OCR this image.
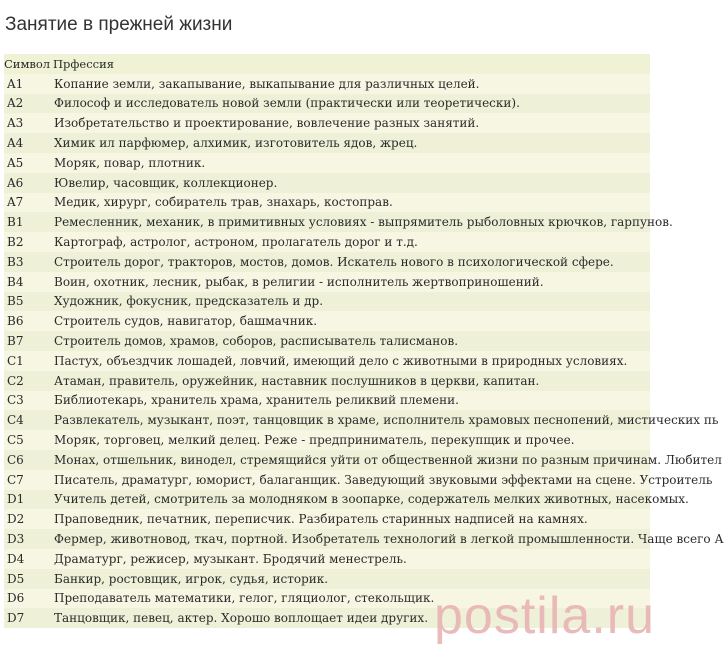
Занятие в прежней жизни
Символ Прфессия
A1	Копание земли, закапывание, выкапывание для различных целей.
A2	Философ и исследователь новой земли (практически или теоретически).
A3	Изобретательство и проектирование, вовлечение разных занятий.
A4	Химик ил парфюмер, алхимик, изготовитель ядов, жрец.
A5	Моряк, повар, плотник.
A6	Ювелир, часовщик, коллекционер.
A7	Медик, хирург, собиратель трав, знахарь, костоправ.
B1	Ремесленник, механик, в примитивных условиях - выпрямитель рыболовных крючков, гарпунов.
B2	Картограф, астролог, астроном, пролагатель дорог и т.д.
B3	Строитель дорог, тракторов, мостов, домов. Искатель нового в психологической сфере.
B4	Воин, охотник, лесник, рыбак, в религии - исполнитель жертвоприношений.
B5	Художник, фокусник, предсказатель и др.
B6	Строитель судов, навигатор, башмачник.
B7	Строитель домов, храмов, соборов, расписыватель талисманов.
C1	Пастух, объездчик лошадей, ловчий, имеющий дело с животными в природных условиях.
C2	Атаман, правитель, оружейник, наставник послушников в церкви, капитан.
C3	Библиотекарь, хранитель храма, хранитель реликвий племени.
C4	Развлекатель, музыкант, поэт, танцовщик в храме, исполнитель храмовых песнопений, мистических пь
C5	Моряк, торговец, мелкий делец. Реже - предприниматель, перекупщик и прочее.
C6	Монах, отшельник, винодел, стремящийся уйти от общественной жизни по разным причинам. Любител
C7	Писатель, драматург, юморист, балаганщик. Заведующий звуковыми эффектами на сцене. Устроитель
D1	Учитель детей, смотритель за молодняком в зоопарке, содержатель мелких животных, насекомых.
D2	Праповедник, печатник, переписчик. Разбиратель старинных надписей на камнях.
D3	Фермер, животновод, ткач, портной. Изобретатель технологий в легкой промышленности. Чаще всего А
D4	Драматург, режисер, музыкант. Бродячий менестрель.
D5	Банкир, ростовщик, игрок, судья, историк.
D6	Преподаватель математики, гелог, гляциолог, стекольщик.
D7	Танцовщик, певец, актер. Хорошо воплощает идеи других. postila.ru
